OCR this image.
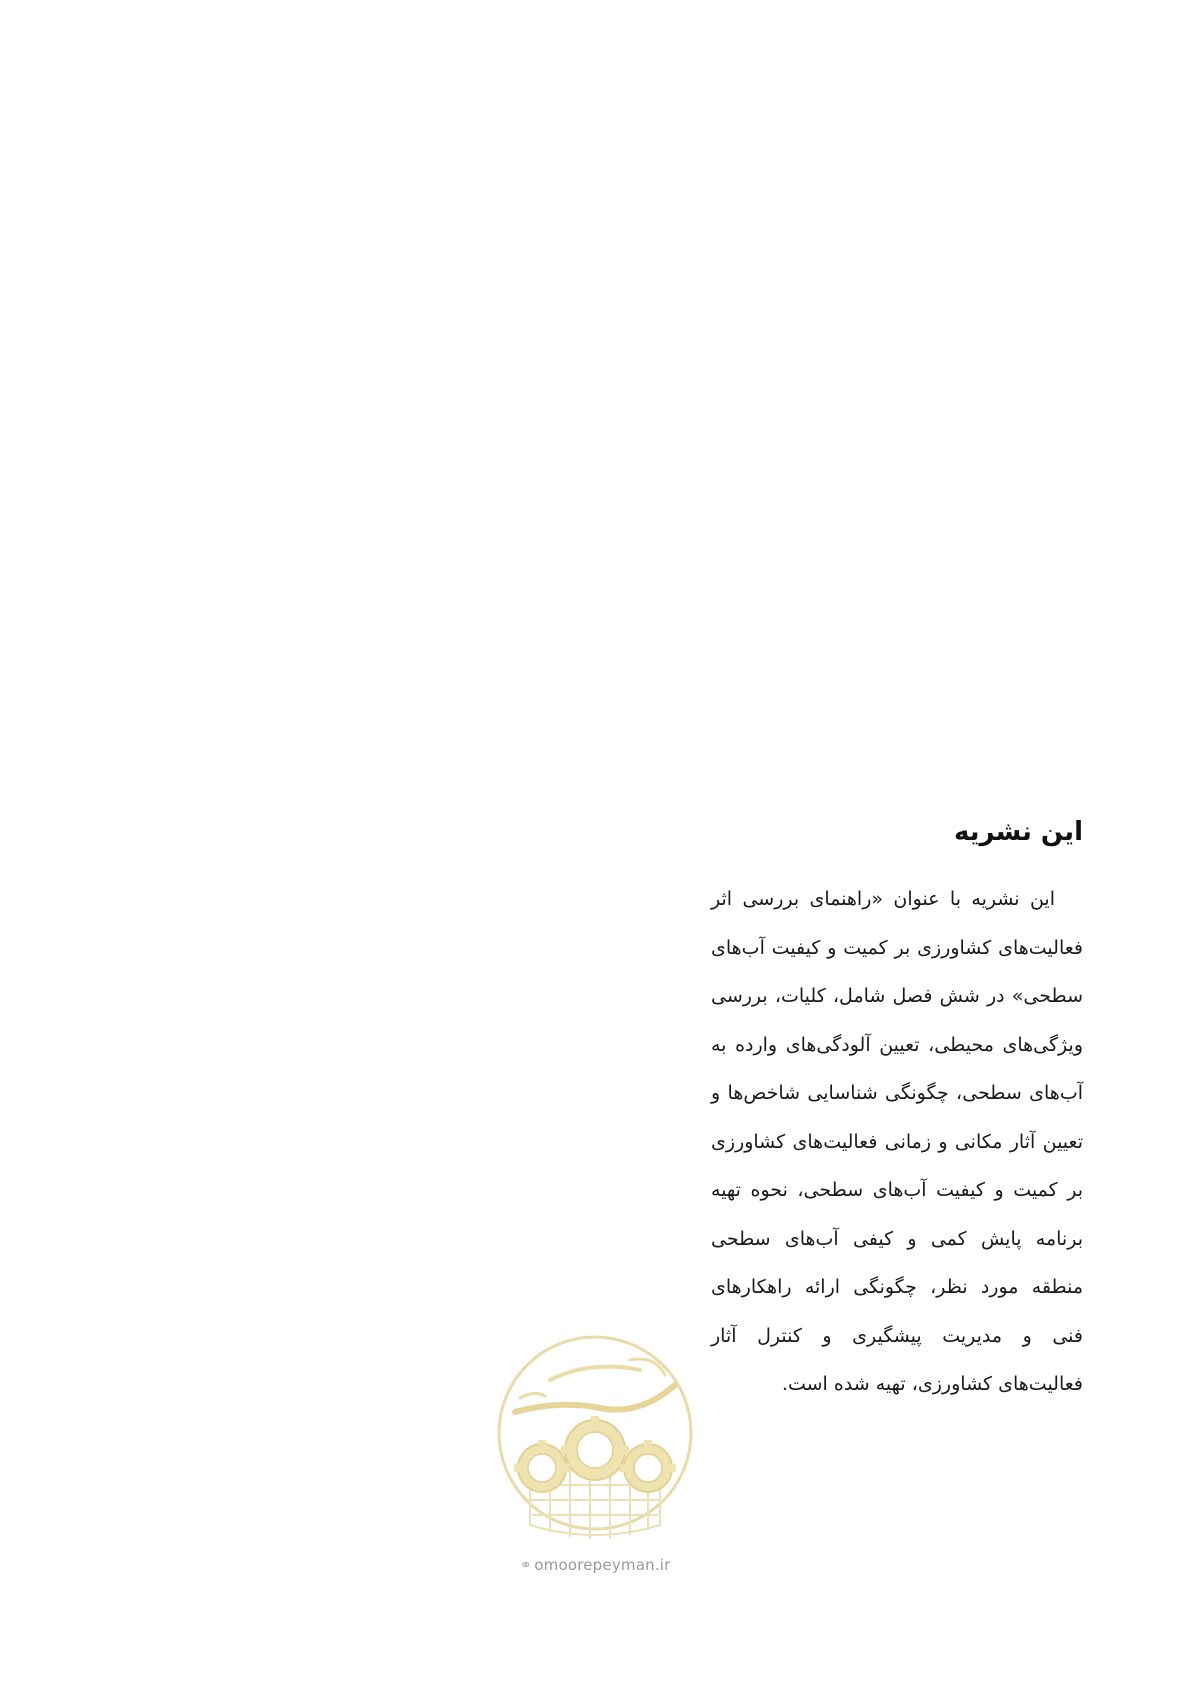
این نشریه

این نشریه با عنوان «راهنمای بررسی اثر فعالیت‌های کشاورزی بر کمیت و کیفیت آب‌های سطحی» در شش فصل شامل، کلیات، بررسی ویژگی‌های محیطی، تعیین آلودگی‌های وارده به آب‌های سطحی، چگونگی شناسایی شاخص‌ها و تعیین آثار مکانی و زمانی فعالیت‌های کشاورزی بر کمیت و کیفیت آب‌های سطحی، نحوه تهیه برنامه پایش کمی و کیفی آب‌های سطحی منطقه مورد نظر، چگونگی ارائه راهکارهای فنی و مدیریت پیشگیری و کنترل آثار فعالیت‌های کشاورزی، تهیه شده است.

⚭ omoorepeyman.ir
